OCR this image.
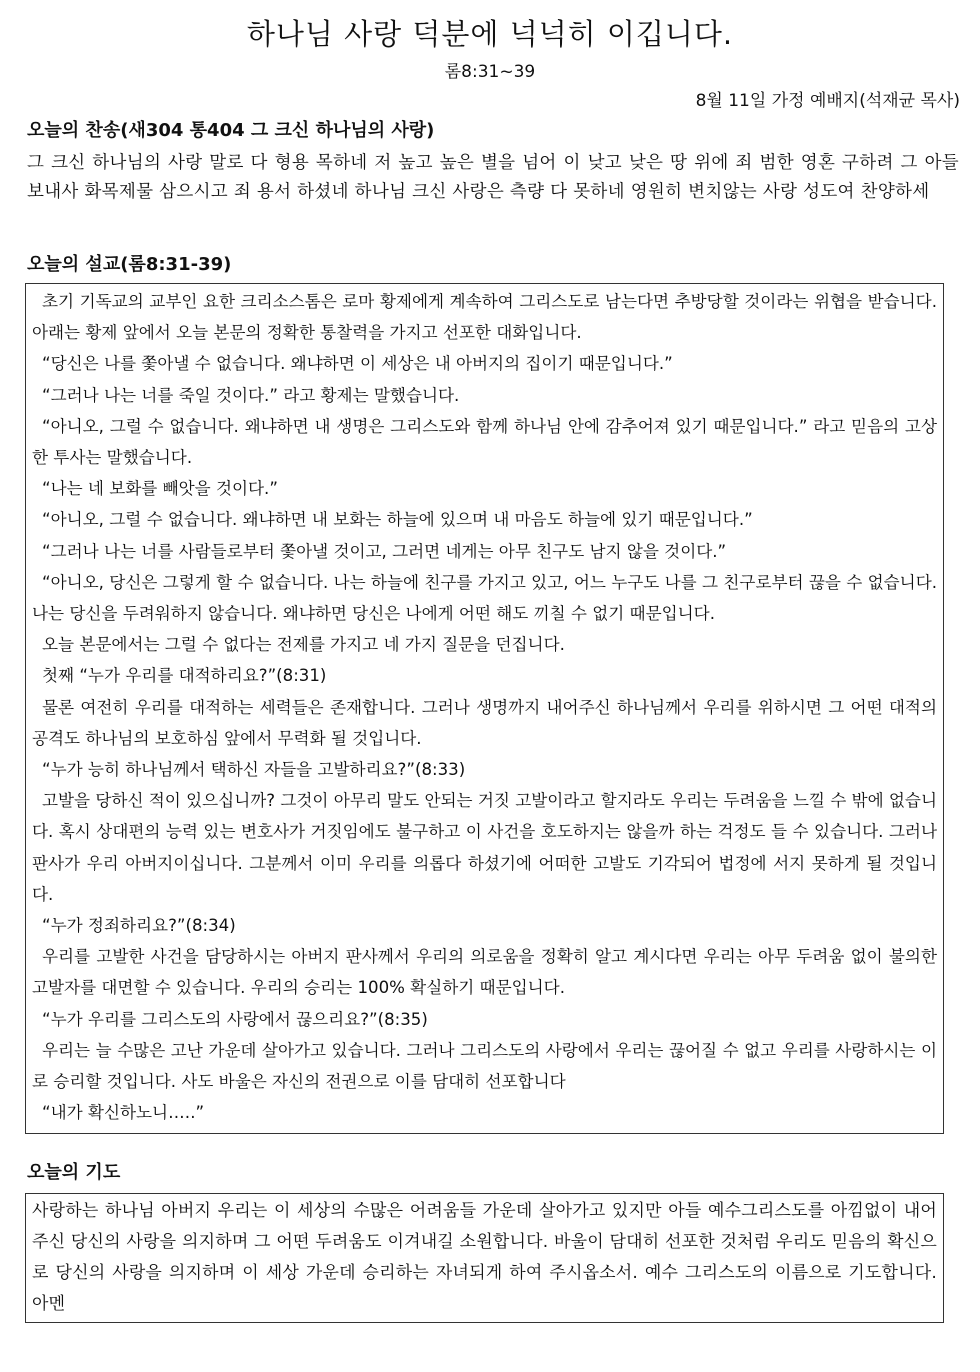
하나님 사랑 덕분에 넉넉히 이깁니다.
롬8:31~39
8월 11일 가정 예배지(석재균 목사)
오늘의 찬송(새304 통404 그 크신 하나님의 사랑)
그 크신 하나님의 사랑 말로 다 형용 목하네 저 높고 높은 별을 넘어 이 낮고 낮은 땅 위에 죄 범한 영혼 구하려 그 아들 보내사 화목제물 삼으시고 죄 용서 하셨네 하나님 크신 사랑은 측량 다 못하네 영원히 변치않는 사랑 성도여 찬양하세
오늘의 설교(롬8:31-39)

초기 기독교의 교부인 요한 크리소스톰은 로마 황제에게 계속하여 그리스도로 남는다면 추방당할 것이라는 위협을 받습니다. 아래는 황제 앞에서 오늘 본문의 정확한 통찰력을 가지고 선포한 대화입니다.

“당신은 나를 쫓아낼 수 없습니다. 왜냐하면 이 세상은 내 아버지의 집이기 때문입니다.”

“그러나 나는 너를 죽일 것이다.” 라고 황제는 말했습니다.

“아니오, 그럴 수 없습니다. 왜냐하면 내 생명은 그리스도와 함께 하나님 안에 감추어져 있기 때문입니다.” 라고 믿음의 고상한 투사는 말했습니다.

“나는 네 보화를 빼앗을 것이다.”

“아니오, 그럴 수 없습니다. 왜냐하면 내 보화는 하늘에 있으며 내 마음도 하늘에 있기 때문입니다.”

“그러나 나는 너를 사람들로부터 쫓아낼 것이고, 그러면 네게는 아무 친구도 남지 않을 것이다.”

“아니오, 당신은 그렇게 할 수 없습니다. 나는 하늘에 친구를 가지고 있고, 어느 누구도 나를 그 친구로부터 끊을 수 없습니다. 나는 당신을 두려워하지 않습니다. 왜냐하면 당신은 나에게 어떤 해도 끼칠 수 없기 때문입니다.

오늘 본문에서는 그럴 수 없다는 전제를 가지고 네 가지 질문을 던집니다.

첫째 “누가 우리를 대적하리요?”(8:31)

물론 여전히 우리를 대적하는 세력들은 존재합니다. 그러나 생명까지 내어주신 하나님께서 우리를 위하시면 그 어떤 대적의 공격도 하나님의 보호하심 앞에서 무력화 될 것입니다.

“누가 능히 하나님께서 택하신 자들을 고발하리요?”(8:33)

고발을 당하신 적이 있으십니까? 그것이 아무리 말도 안되는 거짓 고발이라고 할지라도 우리는 두려움을 느낄 수 밖에 없습니다. 혹시 상대편의 능력 있는 변호사가 거짓임에도 불구하고 이 사건을 호도하지는 않을까 하는 걱정도 들 수 있습니다. 그러나 판사가 우리 아버지이십니다. 그분께서 이미 우리를 의롭다 하셨기에 어떠한 고발도 기각되어 법정에 서지 못하게 될 것입니다.

“누가 정죄하리요?”(8:34)

우리를 고발한 사건을 담당하시는 아버지 판사께서 우리의 의로움을 정확히 알고 계시다면 우리는 아무 두려움 없이 불의한 고발자를 대면할 수 있습니다. 우리의 승리는 100% 확실하기 때문입니다.

“누가 우리를 그리스도의 사랑에서 끊으리요?”(8:35)

우리는 늘 수많은 고난 가운데 살아가고 있습니다. 그러나 그리스도의 사랑에서 우리는 끊어질 수 없고 우리를 사랑하시는 이로 승리할 것입니다. 사도 바울은 자신의 전권으로 이를 담대히 선포합니다

“내가 확신하노니‥‥.”

오늘의 기도

사랑하는 하나님 아버지 우리는 이 세상의 수많은 어려움들 가운데 살아가고 있지만 아들 예수그리스도를 아낌없이 내어주신 당신의 사랑을 의지하며 그 어떤 두려움도 이겨내길 소원합니다. 바울이 담대히 선포한 것처럼 우리도 믿음의 확신으로 당신의 사랑을 의지하며 이 세상 가운데 승리하는 자녀되게 하여 주시옵소서. 예수 그리스도의 이름으로 기도합니다. 아멘
